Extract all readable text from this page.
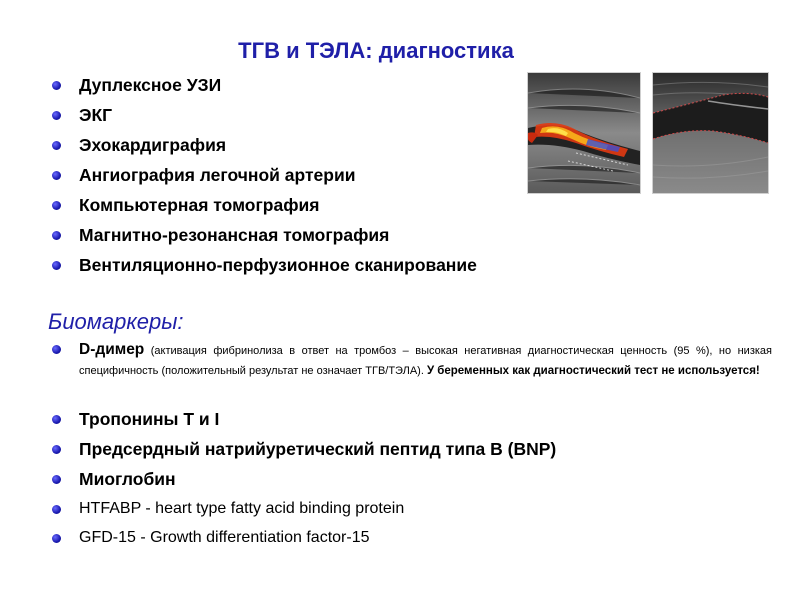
ТГВ и ТЭЛА: диагностика
Дуплексное УЗИ
ЭКГ
Эхокардиграфия
Ангиография легочной артерии
Компьютерная томография
Магнитно-резонансная томография
Вентиляционно-перфузионное сканирование
Биомаркеры:
D-димер (активация фибринолиза в ответ на тромбоз – высокая негативная диагностическая ценность (95 %), но низкая специфичность (положительный результат не означает ТГВ/ТЭЛА). У беременных как диагностический тест не используется!
Тропонины Т и I
Предсердный натрийуретический пептид типа В (BNP)
Миоглобин
HTFABP - heart type fatty acid binding protein
GFD-15 - Growth differentiation factor-15
